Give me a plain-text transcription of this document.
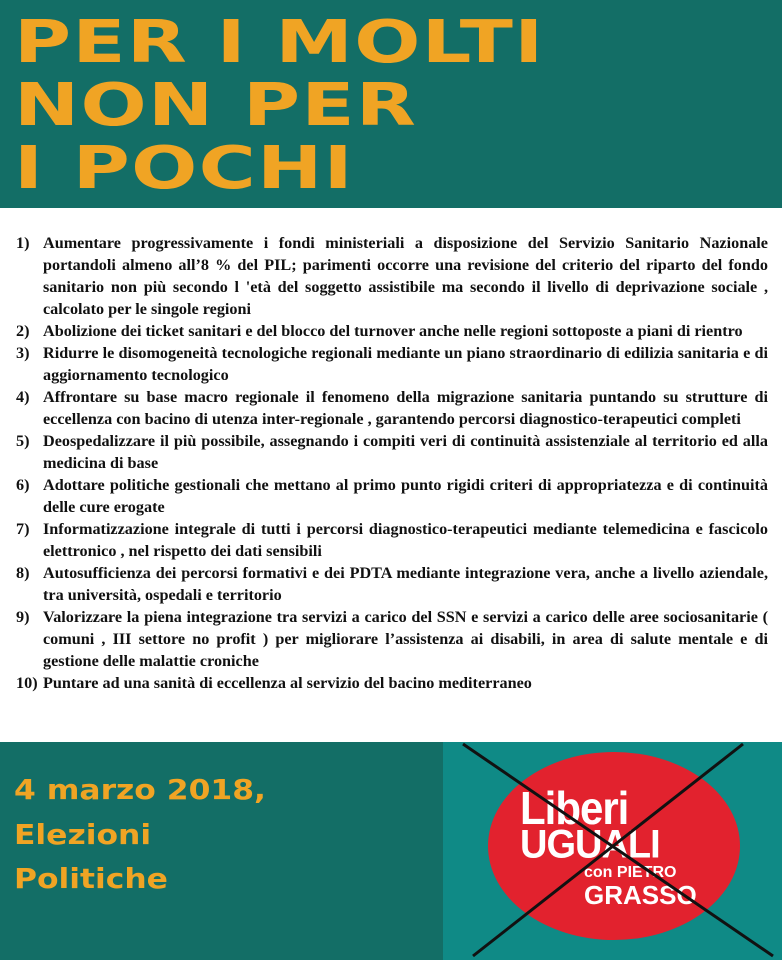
PER I MOLTI
NON PER
I POCHI
1) Aumentare progressivamente i fondi ministeriali a disposizione del Servizio Sanitario Nazionale portandoli almeno all’8 % del PIL; parimenti occorre una revisione del criterio del riparto del fondo sanitario non più secondo l 'età del soggetto assistibile ma secondo il livello di deprivazione sociale , calcolato per le singole regioni
2) Abolizione dei ticket sanitari e del blocco del turnover anche nelle regioni sottoposte a piani di rientro
3) Ridurre le disomogeneità tecnologiche regionali mediante un piano straordinario di edilizia sanitaria e di aggiornamento tecnologico
4) Affrontare su base macro regionale il fenomeno della migrazione sanitaria puntando su strutture di eccellenza con bacino di utenza inter-regionale , garantendo percorsi diagnostico-terapeutici completi
5) Deospedalizzare il più possibile, assegnando i compiti veri di continuità assistenziale al territorio ed alla medicina di base
6) Adottare politiche gestionali che mettano al primo punto rigidi criteri di appropriatezza e di continuità delle cure erogate
7) Informatizzazione integrale di tutti i percorsi diagnostico-terapeutici mediante telemedicina e fascicolo elettronico , nel rispetto dei dati sensibili
8) Autosufficienza dei percorsi formativi e dei PDTA mediante integrazione vera, anche a livello aziendale, tra università, ospedali e territorio
9) Valorizzare la piena integrazione tra servizi a carico del SSN e servizi a carico delle aree sociosanitarie ( comuni , III settore no profit ) per migliorare l’assistenza ai disabili, in area di salute mentale e di gestione delle malattie croniche
10) Puntare ad una sanità di eccellenza al servizio del bacino mediterraneo
4 marzo 2018,
Elezioni
Politiche
Liberi
UGUALI
con PIETRO
GRASSO
